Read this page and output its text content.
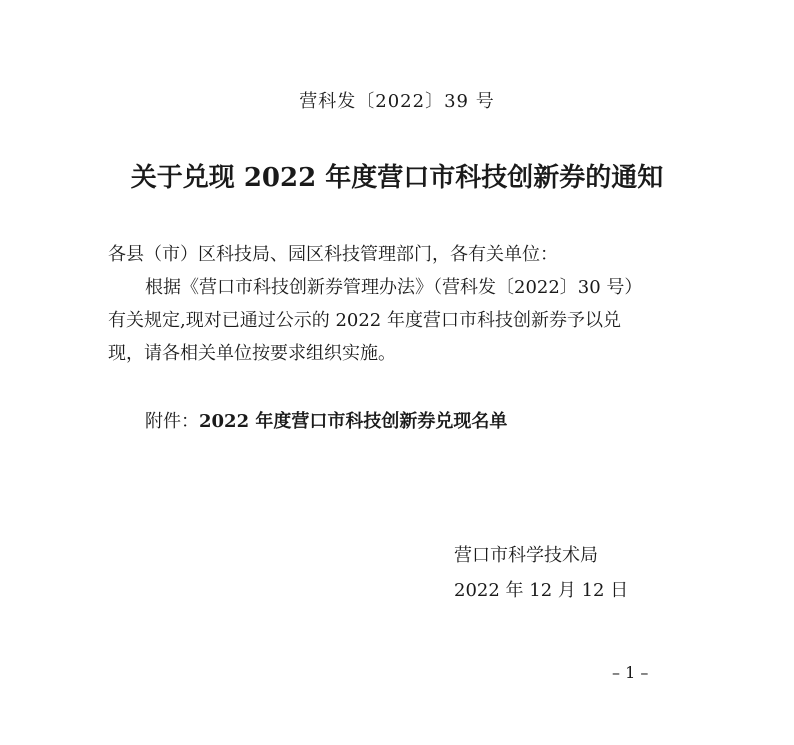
营科发〔2022〕39 号
关于兑现 2022 年度营口市科技创新券的通知
各县（市）区科技局、园区科技管理部门，各有关单位：
根据《营口市科技创新券管理办法》（营科发〔2022〕30 号）
有关规定,现对已通过公示的 2022 年度营口市科技创新券予以兑
现，请各相关单位按要求组织实施。
附件：2022 年度营口市科技创新券兑现名单
营口市科学技术局
2022 年 12 月 12 日
– 1 –
